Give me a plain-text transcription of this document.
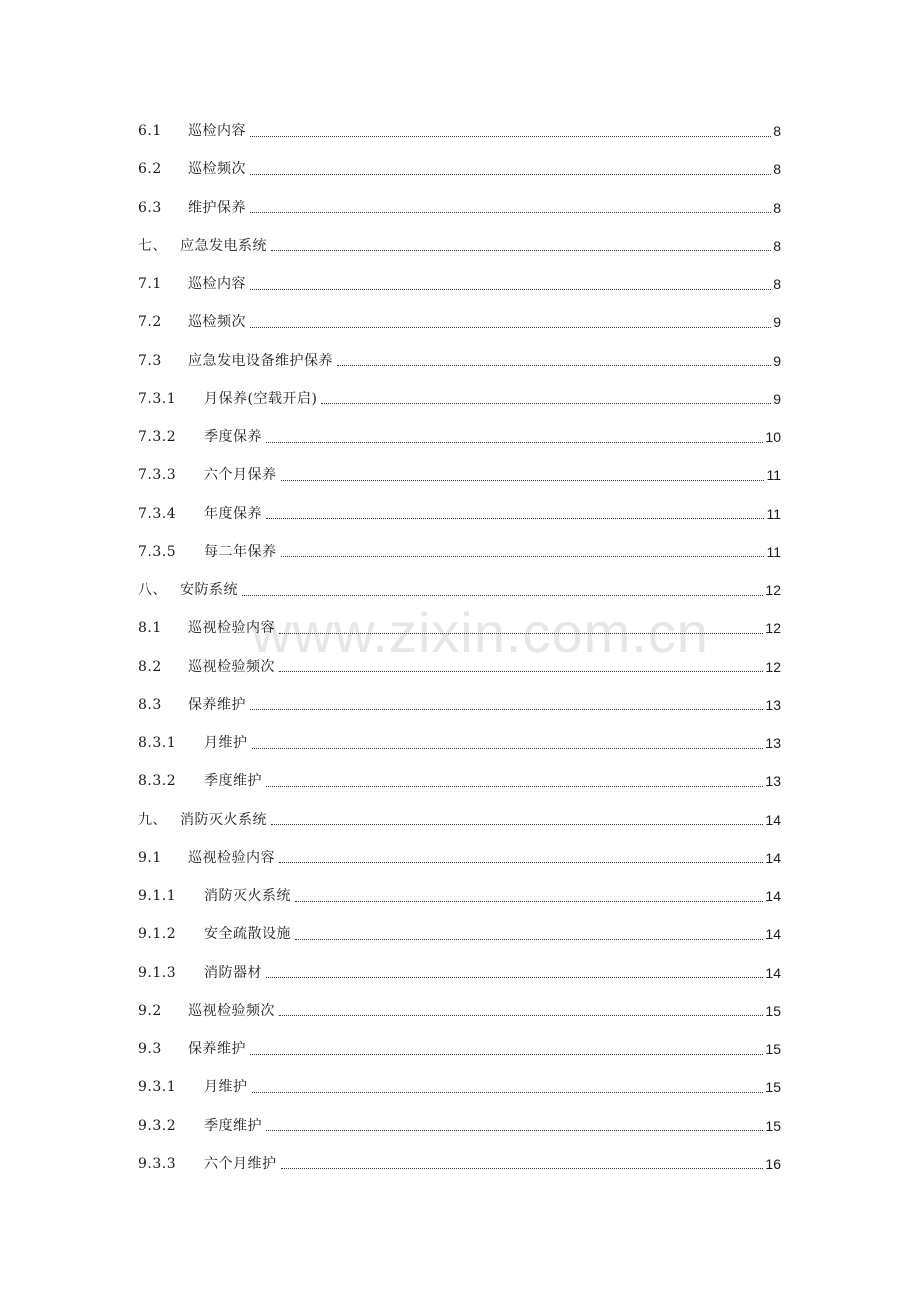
www.zixin.com.cn
6.1	巡检内容	8
6.2	巡检频次	8
6.3	维护保养	8
七、 应急发电系统	8
7.1	巡检内容	8
7.2	巡检频次	9
7.3	应急发电设备维护保养	9
7.3.1	月保养(空载开启)	9
7.3.2	季度保养	10
7.3.3	六个月保养	11
7.3.4	年度保养	11
7.3.5	每二年保养	11
八、 安防系统	12
8.1	巡视检验内容	12
8.2	巡视检验频次	12
8.3	保养维护	13
8.3.1	月维护	13
8.3.2	季度维护	13
九、 消防灭火系统	14
9.1	巡视检验内容	14
9.1.1	消防灭火系统	14
9.1.2	安全疏散设施	14
9.1.3	消防器材	14
9.2	巡视检验频次	15
9.3	保养维护	15
9.3.1	月维护	15
9.3.2	季度维护	15
9.3.3	六个月维护	16
